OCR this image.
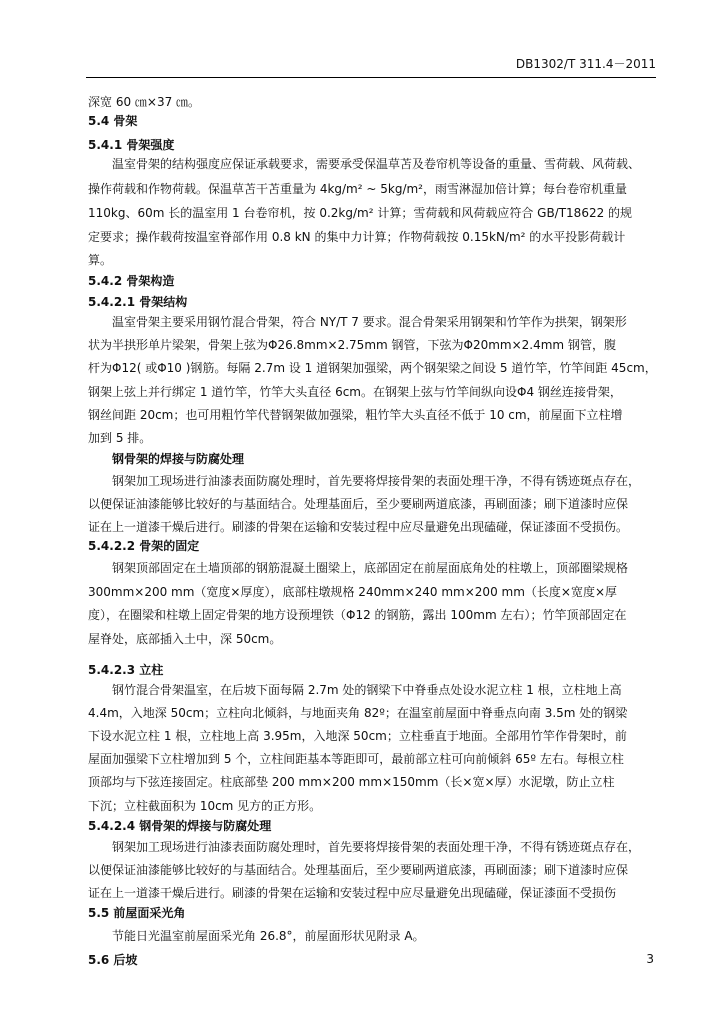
DB1302/T 311.4－2011
深宽 60 ㎝×37 ㎝。
5.4 骨架
5.4.1 骨架强度
温室骨架的结构强度应保证承载要求，需要承受保温草苫及卷帘机等设备的重量、雪荷载、风荷载、
操作荷载和作物荷载。保温草苫干苫重量为 4kg/m² ~ 5kg/m²，雨雪淋湿加倍计算；每台卷帘机重量
110kg、60m 长的温室用 1 台卷帘机，按 0.2kg/m² 计算；雪荷载和风荷载应符合 GB/T18622 的规
定要求；操作载荷按温室脊部作用 0.8 kN 的集中力计算；作物荷载按 0.15kN/m² 的水平投影荷载计
算。
5.4.2 骨架构造
5.4.2.1 骨架结构
温室骨架主要采用钢竹混合骨架，符合 NY/T 7 要求。混合骨架采用钢架和竹竿作为拱架，钢架形
状为半拱形单片梁架，骨架上弦为Φ26.8mm×2.75mm 钢管，下弦为Φ20mm×2.4mm 钢管，腹
杆为Φ12( 或Φ10 )钢筋。每隔 2.7m 设 1 道钢架加强梁，两个钢架梁之间设 5 道竹竿，竹竿间距 45cm，
钢架上弦上并行绑定 1 道竹竿，竹竿大头直径 6cm。在钢架上弦与竹竿间纵向设Φ4 钢丝连接骨架，
钢丝间距 20cm；也可用粗竹竿代替钢架做加强梁，粗竹竿大头直径不低于 10 cm，前屋面下立柱增
加到 5 排。
钢骨架的焊接与防腐处理
钢架加工现场进行油漆表面防腐处理时，首先要将焊接骨架的表面处理干净，不得有锈迹斑点存在，
以便保证油漆能够比较好的与基面结合。处理基面后，至少要刷两道底漆，再刷面漆；刷下道漆时应保
证在上一道漆干燥后进行。刷漆的骨架在运输和安装过程中应尽量避免出现磕碰，保证漆面不受损伤。
5.4.2.2 骨架的固定
钢架顶部固定在土墙顶部的钢筋混凝土圈梁上，底部固定在前屋面底角处的柱墩上，顶部圈梁规格
300mm×200 mm（宽度×厚度），底部柱墩规格 240mm×240 mm×200 mm（长度×宽度×厚
度），在圈梁和柱墩上固定骨架的地方设预埋铁（Φ12 的钢筋，露出 100mm 左右）；竹竿顶部固定在
屋脊处，底部插入土中，深 50cm。
5.4.2.3 立柱
钢竹混合骨架温室，在后坡下面每隔 2.7m 处的钢梁下中脊垂点处设水泥立柱 1 根，立柱地上高
4.4m，入地深 50cm；立柱向北倾斜，与地面夹角 82º；在温室前屋面中脊垂点向南 3.5m 处的钢梁
下设水泥立柱 1 根，立柱地上高 3.95m，入地深 50cm；立柱垂直于地面。全部用竹竿作骨架时，前
屋面加强梁下立柱增加到 5 个，立柱间距基本等距即可，最前部立柱可向前倾斜 65º 左右。每根立柱
顶部均与下弦连接固定。柱底部垫 200 mm×200 mm×150mm（长×宽×厚）水泥墩，防止立柱
下沉；立柱截面积为 10cm 见方的正方形。
5.4.2.4 钢骨架的焊接与防腐处理
钢架加工现场进行油漆表面防腐处理时，首先要将焊接骨架的表面处理干净，不得有锈迹斑点存在，
以便保证油漆能够比较好的与基面结合。处理基面后，至少要刷两道底漆，再刷面漆；刷下道漆时应保
证在上一道漆干燥后进行。刷漆的骨架在运输和安装过程中应尽量避免出现磕碰，保证漆面不受损伤
5.5 前屋面采光角
节能日光温室前屋面采光角 26.8°，前屋面形状见附录 A。
5.6 后坡	3
